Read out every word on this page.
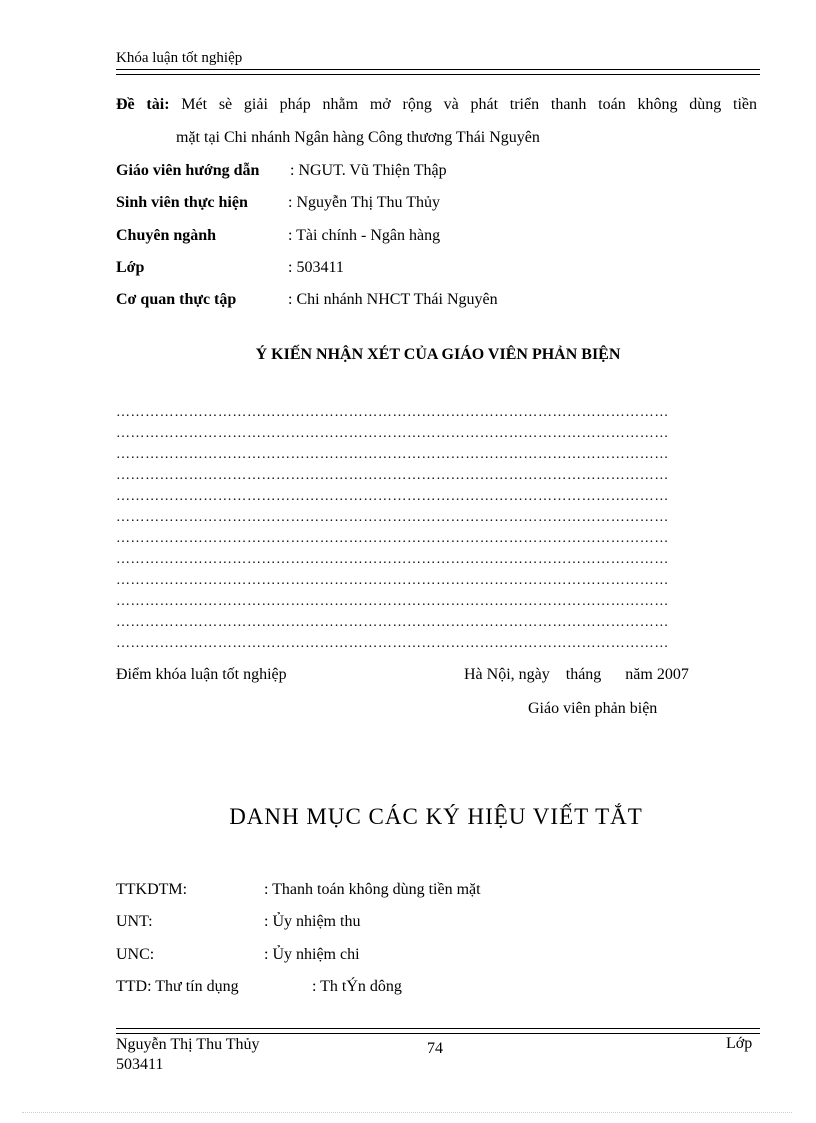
Khóa luận tốt nghiệp
Đề tài: Mét sè giải pháp nhằm mở rộng và phát triển thanh toán không dùng tiền
mặt tại Chi nhánh Ngân hàng Công thương Thái Nguyên
Giáo viên hướng dẫn : NGUT. Vũ Thiện Thập
Sinh viên thực hiện	: Nguyễn Thị Thu Thủy
Chuyên ngành	: Tài chính - Ngân hàng
Lớp	: 503411
Cơ quan thực tập	: Chi nhánh NHCT Thái Nguyên
Ý KIẾN NHẬN XÉT CỦA GIÁO VIÊN PHẢN BIỆN
……………………………………………………………………………………………………
……………………………………………………………………………………………………
……………………………………………………………………………………………………
……………………………………………………………………………………………………
……………………………………………………………………………………………………
……………………………………………………………………………………………………
……………………………………………………………………………………………………
……………………………………………………………………………………………………
……………………………………………………………………………………………………
……………………………………………………………………………………………………
……………………………………………………………………………………………………
……………………………………………………………………………………………………
Điểm khóa luận tốt nghiệp	Hà Nội, ngày    tháng      năm 2007
Giáo viên phản biện
DANH MỤC CÁC KÝ HIỆU VIẾT TẮT
TTKDTM:	: Thanh toán không dùng tiền mặt
UNT:	: Ủy nhiệm thu
UNC:	: Ủy nhiệm chi
TTD: Thư tín dụng	: Th tÝn dông
Nguyễn Thị Thu Thủy
503411
74	Lớp
